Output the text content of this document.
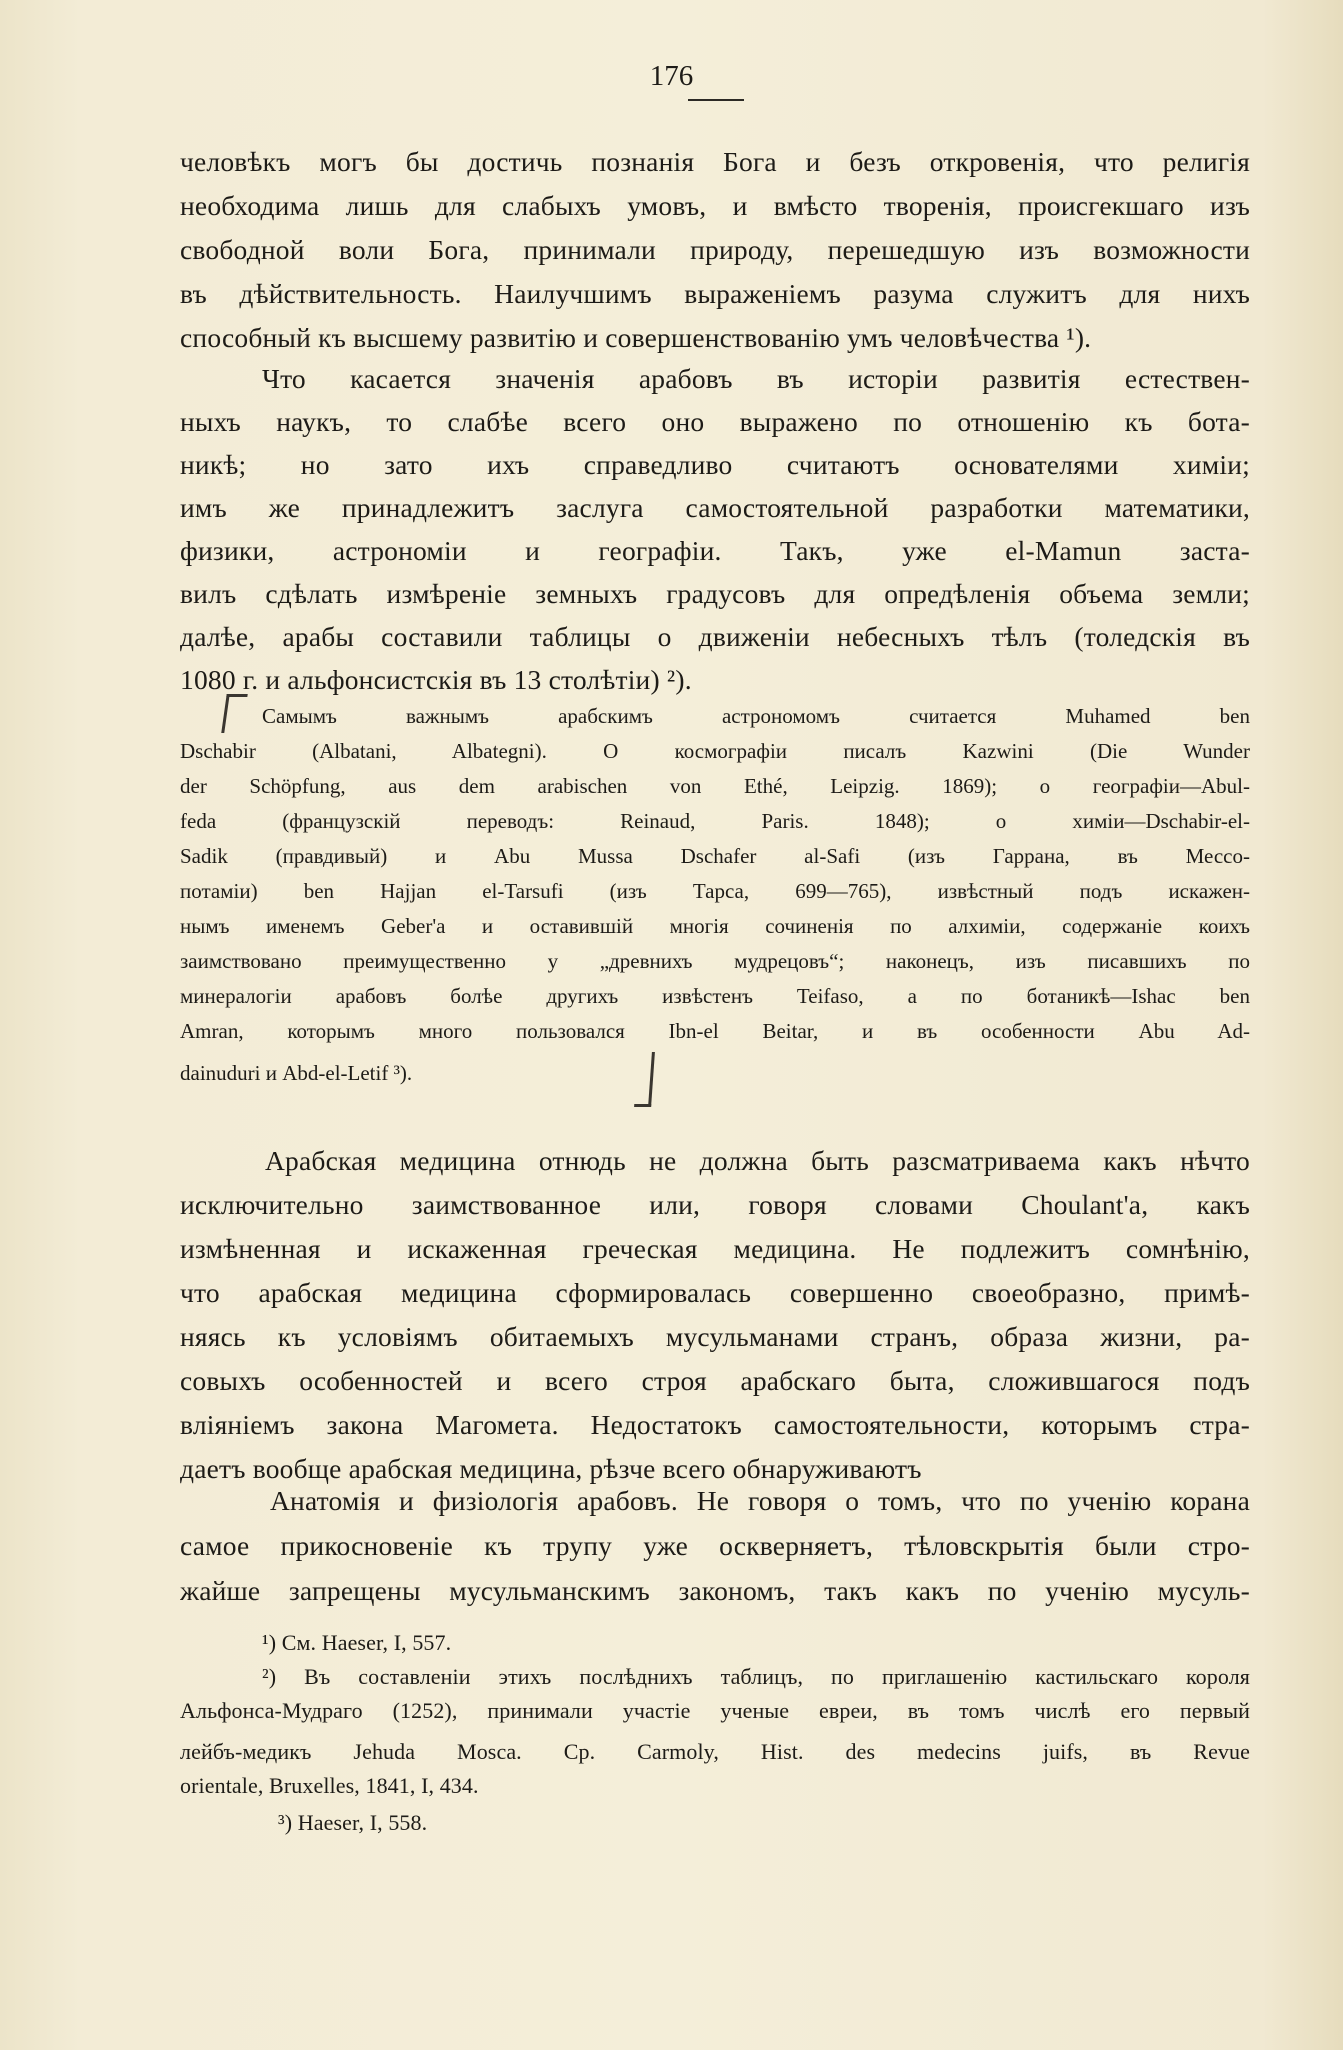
176
человѣкъ могъ бы достичь познанія Бога и безъ откровенія, что религія
необходима лишь для слабыхъ умовъ, и вмѣсто творенія, происгекшаго изъ
свободной воли Бога, принимали природу, перешедшую изъ возможности
въ дѣйствительность. Наилучшимъ выраженіемъ разума служитъ для нихъ
способный къ высшему развитію и совершенствованію умъ человѣчества ¹).
Что касается значенія арабовъ въ исторіи развитія естествен-
ныхъ наукъ, то слабѣе всего оно выражено по отношенію къ бота-
никѣ; но зато ихъ справедливо считаютъ основателями химіи;
имъ же принадлежитъ заслуга самостоятельной разработки математики,
физики, астрономіи и географіи. Такъ, уже el-Mamun заста-
вилъ сдѣлать измѣреніе земныхъ градусовъ для опредѣленія объема земли;
далѣе, арабы составили таблицы о движеніи небесныхъ тѣлъ (толедскія въ
1080 г. и альфонсистскія въ 13 столѣтіи) ²).
Самымъ важнымъ арабскимъ астрономомъ считается Muhamed ben
Dschabir (Albatani, Albategni). О космографіи писалъ Kazwini (Die Wunder
der Schöpfung, aus dem arabischen von Ethé, Leipzig. 1869); о географіи—Abul-
feda (французскій переводъ: Reinaud, Paris. 1848); о химіи—Dschabir-el-
Sadik (правдивый) и Abu Mussa Dschafer al-Safi (изъ Гаррана, въ Мессо-
потаміи) ben Hajjan el-Tarsufi (изъ Тарса, 699—765), извѣстный подъ искажен-
нымъ именемъ Geber'а и оставившій многія сочиненія по алхиміи, содержаніе коихъ
заимствовано преимущественно у „древнихъ мудрецовъ“; наконецъ, изъ писавшихъ по
минералогіи арабовъ болѣе другихъ извѣстенъ Teifaso, а по ботаникѣ—Ishac ben
Amran, которымъ много пользовался Ibn-el Beitar, и въ особенности Abu Ad-
dainuduri и Abd-el-Letif ³).
Арабская медицина отнюдь не должна быть разсматриваема какъ нѣчто
исключительно заимствованное или, говоря словами Choulant'а, какъ
измѣненная и искаженная греческая медицина. Не подлежитъ сомнѣнію,
что арабская медицина сформировалась совершенно своеобразно, примѣ-
няясь къ условіямъ обитаемыхъ мусульманами странъ, образа жизни, ра-
совыхъ особенностей и всего строя арабскаго быта, сложившагося подъ
вліяніемъ закона Магомета. Недостатокъ самостоятельности, которымъ стра-
даетъ вообще арабская медицина, рѣзче всего обнаруживаютъ
Анатомія и физіологія арабовъ. Не говоря о томъ, что по ученію корана
самое прикосновеніе къ трупу уже оскверняетъ, тѣловскрытія были стро-
жайше запрещены мусульманскимъ закономъ, такъ какъ по ученію мусуль-
¹) См. Haeser, I, 557.
²) Въ составленіи этихъ послѣднихъ таблицъ, по приглашенію кастильскаго короля
Альфонса-Мудраго (1252), принимали участіе ученые евреи, въ томъ числѣ его первый
лейбъ-медикъ Jehuda Mosca. Ср. Carmoly, Hist. des medecins juifs, въ Revue
orientale, Bruxelles, 1841, I, 434.
³) Haeser, I, 558.
